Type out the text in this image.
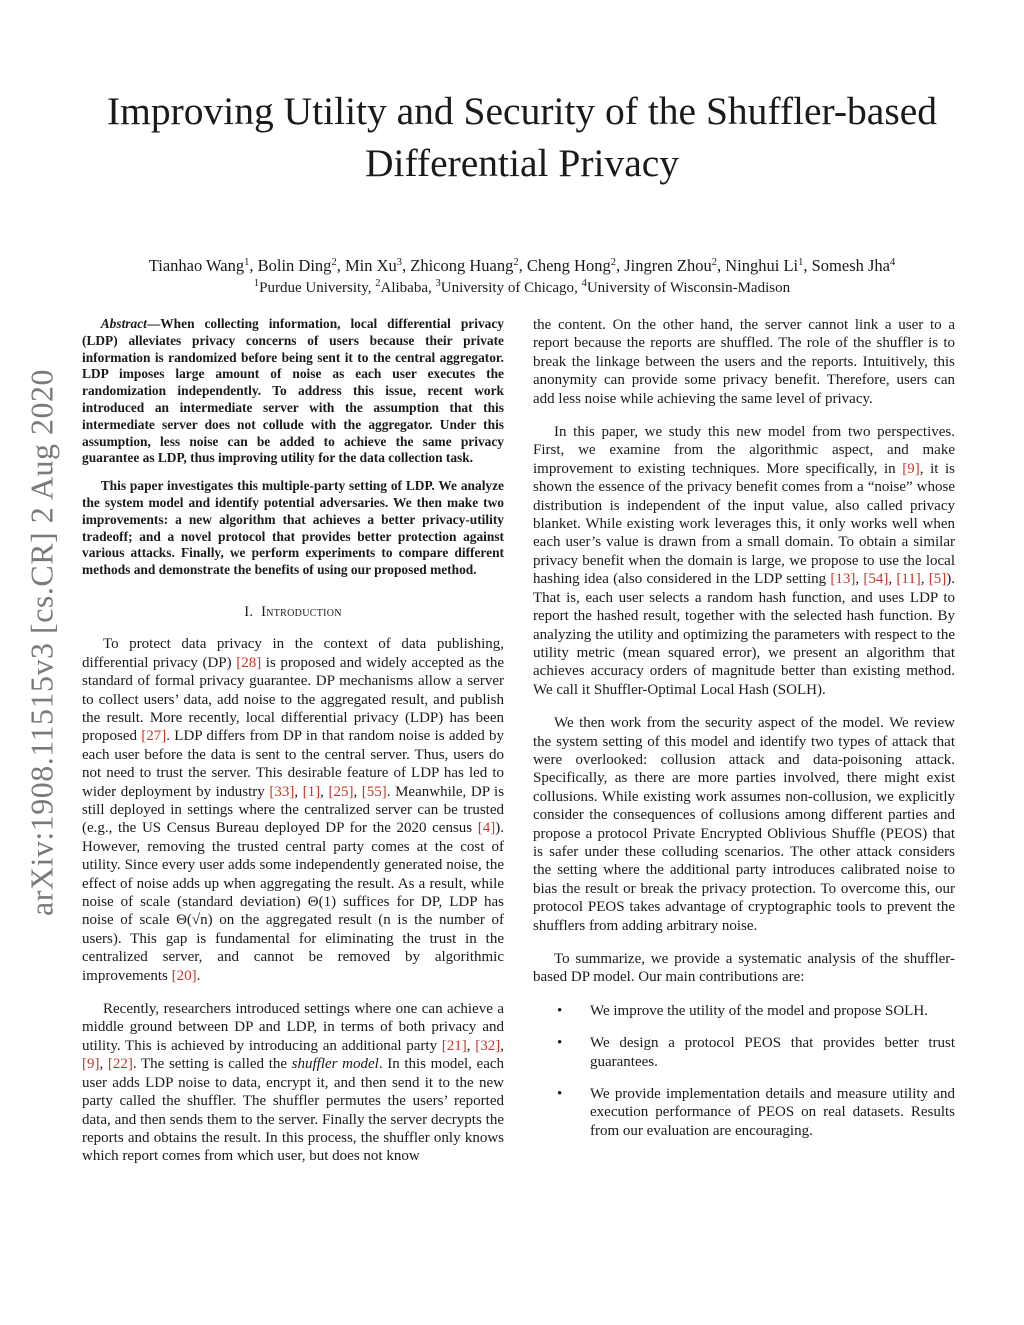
arXiv:1908.11515v3 [cs.CR] 2 Aug 2020
Improving Utility and Security of the Shuffler-based Differential Privacy
Tianhao Wang$^1$, Bolin Ding$^2$, Min Xu$^3$, Zhicong Huang$^2$, Cheng Hong$^2$, Jingren Zhou$^2$, Ninghui Li$^1$, Somesh Jha$^4$
$^1$Purdue University, $^2$Alibaba, $^3$University of Chicago, $^4$University of Wisconsin-Madison

Abstract—When collecting information, local differential privacy (LDP) alleviates privacy concerns of users because their private information is randomized before being sent it to the central aggregator. LDP imposes large amount of noise as each user executes the randomization independently. To address this issue, recent work introduced an intermediate server with the assumption that this intermediate server does not collude with the aggregator. Under this assumption, less noise can be added to achieve the same privacy guarantee as LDP, thus improving utility for the data collection task.

This paper investigates this multiple-party setting of LDP. We analyze the system model and identify potential adversaries. We then make two improvements: a new algorithm that achieves a better privacy-utility tradeoff; and a novel protocol that provides better protection against various attacks. Finally, we perform experiments to compare different methods and demonstrate the benefits of using our proposed method.

I. Introduction

To protect data privacy in the context of data publishing, differential privacy (DP) [28] is proposed and widely accepted as the standard of formal privacy guarantee. DP mechanisms allow a server to collect users’ data, add noise to the aggregated result, and publish the result. More recently, local differential privacy (LDP) has been proposed [27]. LDP differs from DP in that random noise is added by each user before the data is sent to the central server. Thus, users do not need to trust the server. This desirable feature of LDP has led to wider deployment by industry [33], [1], [25], [55]. Meanwhile, DP is still deployed in settings where the centralized server can be trusted (e.g., the US Census Bureau deployed DP for the 2020 census [4]). However, removing the trusted central party comes at the cost of utility. Since every user adds some independently generated noise, the effect of noise adds up when aggregating the result. As a result, while noise of scale (standard deviation) Θ(1) suffices for DP, LDP has noise of scale Θ(√n) on the aggregated result (n is the number of users). This gap is fundamental for eliminating the trust in the centralized server, and cannot be removed by algorithmic improvements [20].

Recently, researchers introduced settings where one can achieve a middle ground between DP and LDP, in terms of both privacy and utility. This is achieved by introducing an additional party [21], [32], [9], [22]. The setting is called the shuffler model. In this model, each user adds LDP noise to data, encrypt it, and then send it to the new party called the shuffler. The shuffler permutes the users’ reported data, and then sends them to the server. Finally the server decrypts the reports and obtains the result. In this process, the shuffler only knows which report comes from which user, but does not know

the content. On the other hand, the server cannot link a user to a report because the reports are shuffled. The role of the shuffler is to break the linkage between the users and the reports. Intuitively, this anonymity can provide some privacy benefit. Therefore, users can add less noise while achieving the same level of privacy.

In this paper, we study this new model from two perspectives. First, we examine from the algorithmic aspect, and make improvement to existing techniques. More specifically, in [9], it is shown the essence of the privacy benefit comes from a “noise” whose distribution is independent of the input value, also called privacy blanket. While existing work leverages this, it only works well when each user’s value is drawn from a small domain. To obtain a similar privacy benefit when the domain is large, we propose to use the local hashing idea (also considered in the LDP setting [13], [54], [11], [5]). That is, each user selects a random hash function, and uses LDP to report the hashed result, together with the selected hash function. By analyzing the utility and optimizing the parameters with respect to the utility metric (mean squared error), we present an algorithm that achieves accuracy orders of magnitude better than existing method. We call it Shuffler-Optimal Local Hash (SOLH).

We then work from the security aspect of the model. We review the system setting of this model and identify two types of attack that were overlooked: collusion attack and data-poisoning attack. Specifically, as there are more parties involved, there might exist collusions. While existing work assumes non-collusion, we explicitly consider the consequences of collusions among different parties and propose a protocol Private Encrypted Oblivious Shuffle (PEOS) that is safer under these colluding scenarios. The other attack considers the setting where the additional party introduces calibrated noise to bias the result or break the privacy protection. To overcome this, our protocol PEOS takes advantage of cryptographic tools to prevent the shufflers from adding arbitrary noise.

To summarize, we provide a systematic analysis of the shuffler-based DP model. Our main contributions are:

• We improve the utility of the model and propose SOLH.
• We design a protocol PEOS that provides better trust guarantees.
• We provide implementation details and measure utility and execution performance of PEOS on real datasets. Results from our evaluation are encouraging.
